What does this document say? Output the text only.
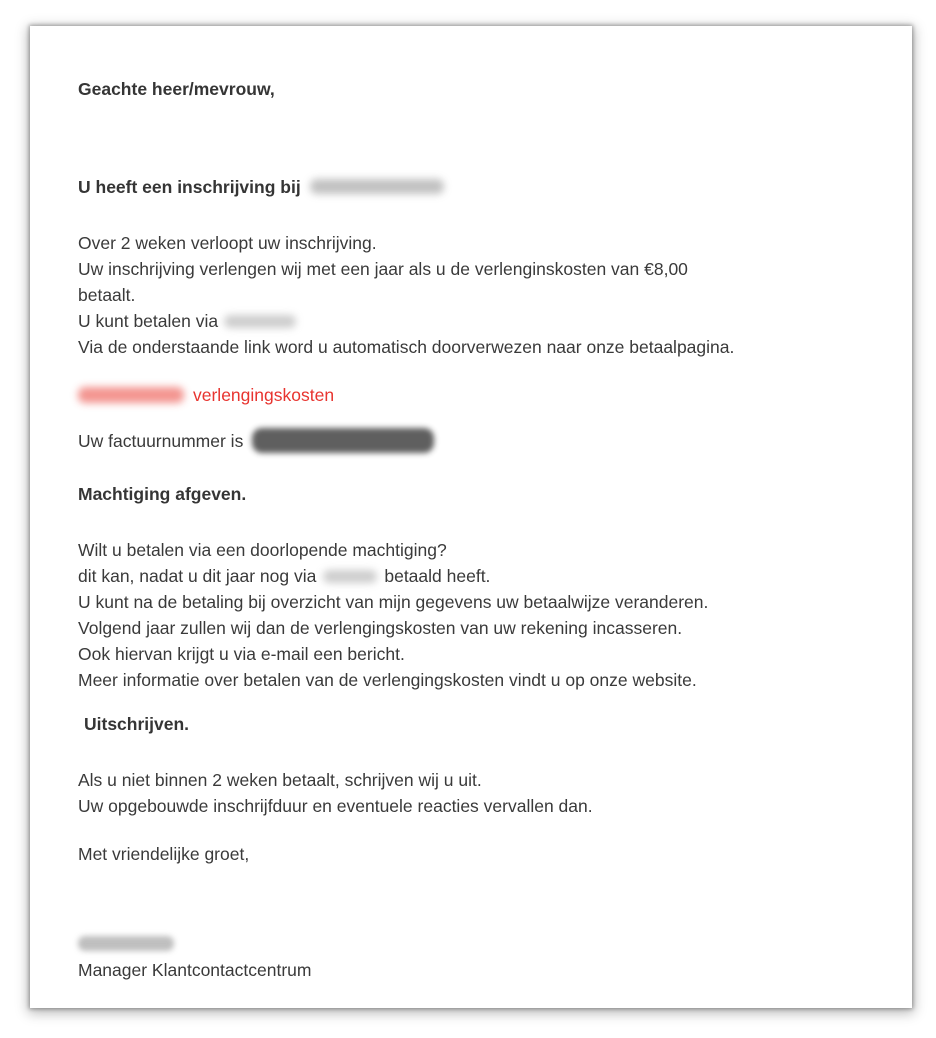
Geachte heer/mevrouw,

U heeft een inschrijving bij

Over 2 weken verloopt uw inschrijving.
Uw inschrijving verlengen wij met een jaar als u de verlenginskosten van €8,00
betaalt.
U kunt betalen via
Via de onderstaande link word u automatisch doorverwezen naar onze betaalpagina.
verlengingskosten
Uw factuurnummer is

Machtiging afgeven.

Wilt u betalen via een doorlopende machtiging?
dit kan, nadat u dit jaar nog via	betaald heeft.
U kunt na de betaling bij overzicht van mijn gegevens uw betaalwijze veranderen.
Volgend jaar zullen wij dan de verlengingskosten van uw rekening incasseren.
Ook hiervan krijgt u via e-mail een bericht.
Meer informatie over betalen van de verlengingskosten vindt u op onze website.

Uitschrijven.

Als u niet binnen 2 weken betaalt, schrijven wij u uit.
Uw opgebouwde inschrijfduur en eventuele reacties vervallen dan.
Met vriendelijke groet,
Manager Klantcontactcentrum
